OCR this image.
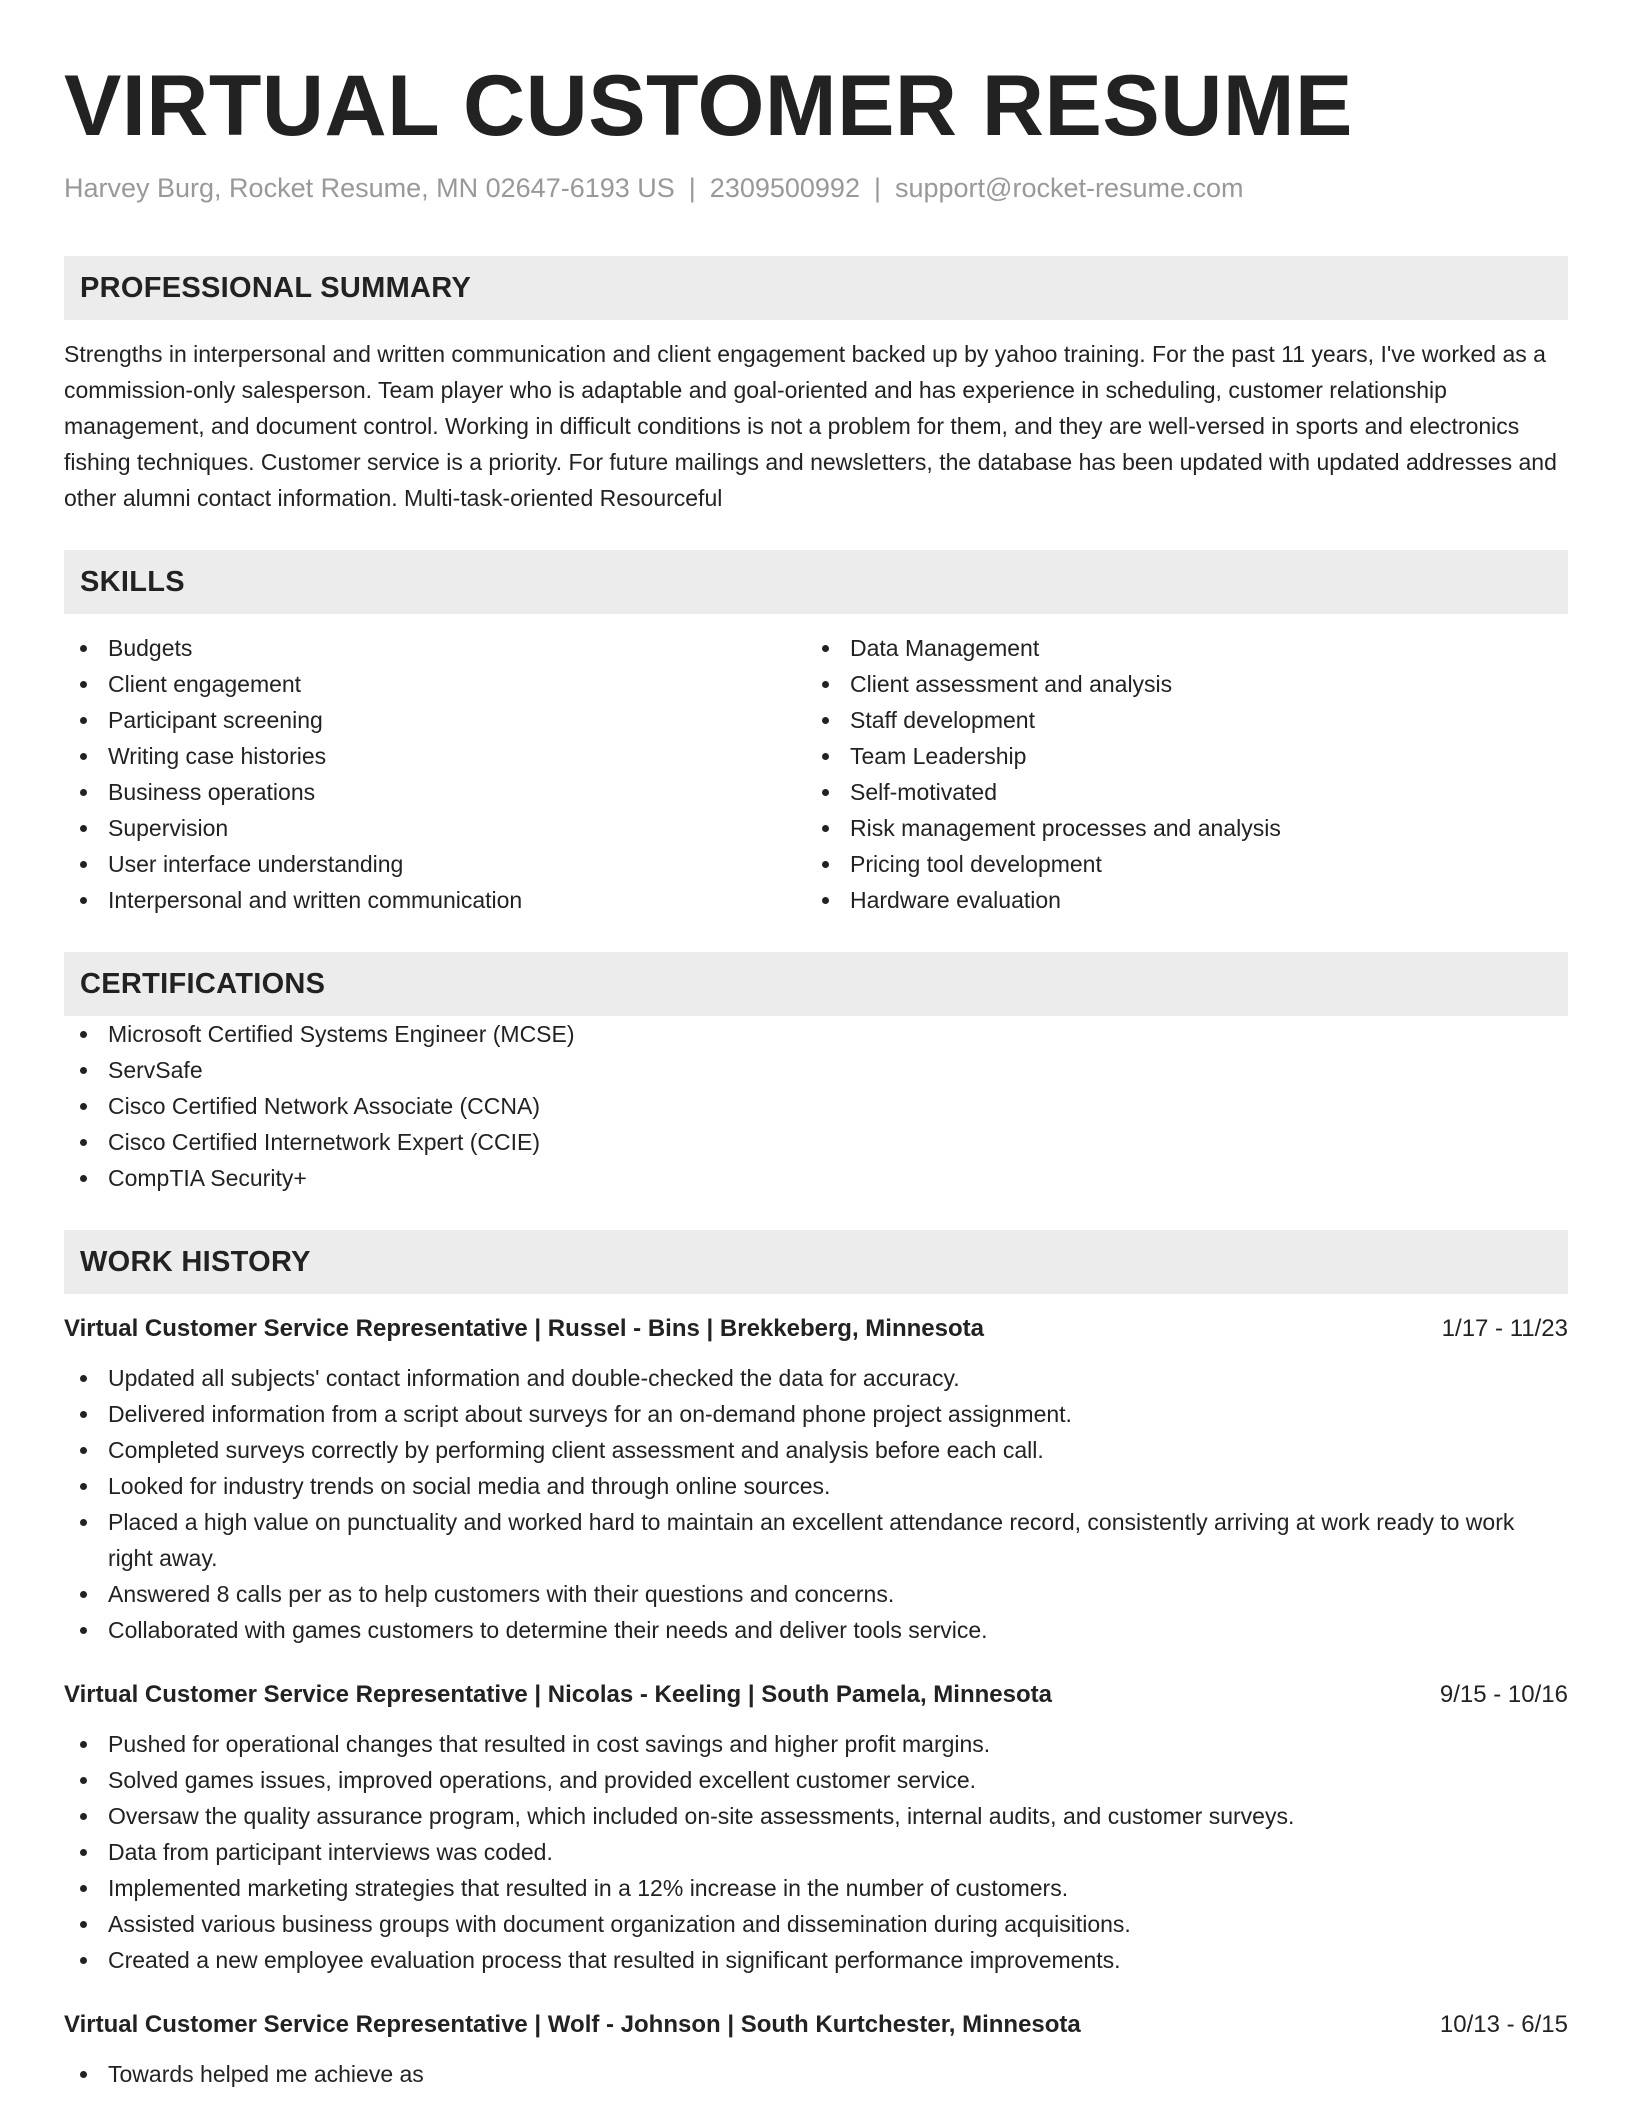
VIRTUAL CUSTOMER RESUME
Harvey Burg, Rocket Resume, MN 02647-6193 US | 2309500992 | support@rocket-resume.com
PROFESSIONAL SUMMARY

Strengths in interpersonal and written communication and client engagement backed up by yahoo training. For the past 11 years, I've worked as a commission-only salesperson. Team player who is adaptable and goal-oriented and has experience in scheduling, customer relationship management, and document control. Working in difficult conditions is not a problem for them, and they are well-versed in sports and electronics fishing techniques. Customer service is a priority. For future mailings and newsletters, the database has been updated with updated addresses and other alumni contact information. Multi-task-oriented Resourceful

SKILLS
Budgets
Client engagement
Participant screening
Writing case histories
Business operations
Supervision
User interface understanding
Interpersonal and written communication
Data Management
Client assessment and analysis
Staff development
Team Leadership
Self-motivated
Risk management processes and analysis
Pricing tool development
Hardware evaluation
CERTIFICATIONS
Microsoft Certified Systems Engineer (MCSE)
ServSafe
Cisco Certified Network Associate (CCNA)
Cisco Certified Internetwork Expert (CCIE)
CompTIA Security+
WORK HISTORY
Virtual Customer Service Representative | Russel - Bins | Brekkeberg, Minnesota	1/17 - 11/23
Updated all subjects' contact information and double-checked the data for accuracy.
Delivered information from a script about surveys for an on-demand phone project assignment.
Completed surveys correctly by performing client assessment and analysis before each call.
Looked for industry trends on social media and through online sources.
Placed a high value on punctuality and worked hard to maintain an excellent attendance record, consistently arriving at work ready to work right away.
Answered 8 calls per as to help customers with their questions and concerns.
Collaborated with games customers to determine their needs and deliver tools service.
Virtual Customer Service Representative | Nicolas - Keeling | South Pamela, Minnesota	9/15 - 10/16
Pushed for operational changes that resulted in cost savings and higher profit margins.
Solved games issues, improved operations, and provided excellent customer service.
Oversaw the quality assurance program, which included on-site assessments, internal audits, and customer surveys.
Data from participant interviews was coded.
Implemented marketing strategies that resulted in a 12% increase in the number of customers.
Assisted various business groups with document organization and dissemination during acquisitions.
Created a new employee evaluation process that resulted in significant performance improvements.
Virtual Customer Service Representative | Wolf - Johnson | South Kurtchester, Minnesota	10/13 - 6/15
Towards helped me achieve as
